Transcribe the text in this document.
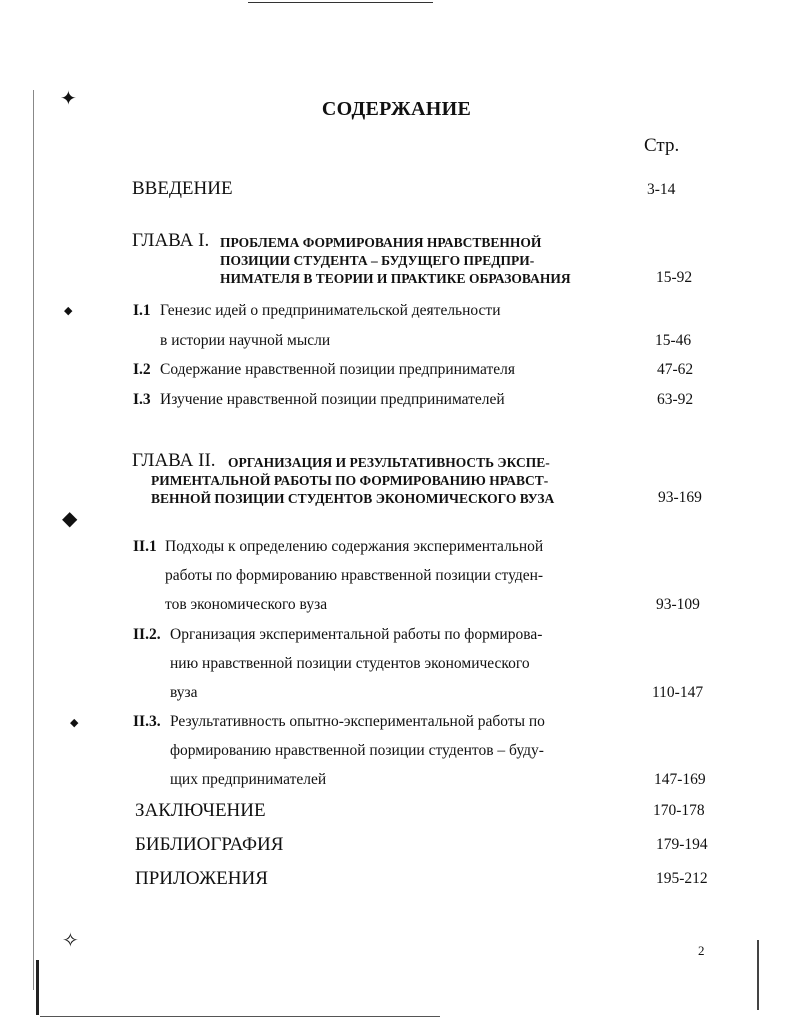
✦
◆
◆
◆
✧
СОДЕРЖАНИЕ
Стр.
ВВЕДЕНИЕ	3-14
ГЛАВА I. ПРОБЛЕМА ФОРМИРОВАНИЯ НРАВСТВЕННОЙ
ПОЗИЦИИ СТУДЕНТА – БУДУЩЕГО ПРЕДПРИ-
НИМАТЕЛЯ В ТЕОРИИ И ПРАКТИКЕ ОБРАЗОВАНИЯ	15-92
I.1 Генезис идей о предпринимательской деятельности
в истории научной мысли	15-46
I.2 Содержание нравственной позиции предпринимателя	47-62
I.3 Изучение нравственной позиции предпринимателей	63-92
ГЛАВА II. ОРГАНИЗАЦИЯ И РЕЗУЛЬТАТИВНОСТЬ ЭКСПЕ-
РИМЕНТАЛЬНОЙ РАБОТЫ ПО ФОРМИРОВАНИЮ НРАВСТ-
ВЕННОЙ ПОЗИЦИИ СТУДЕНТОВ ЭКОНОМИЧЕСКОГО ВУЗА	93-169
II.1 Подходы к определению содержания экспериментальной
работы по формированию нравственной позиции студен-
тов экономического вуза	93-109
II.2. Организация экспериментальной работы по формирова-
нию нравственной позиции студентов экономического
вуза	110-147
II.3. Результативность опытно-экспериментальной работы по
формированию нравственной позиции студентов – буду-
щих предпринимателей	147-169
ЗАКЛЮЧЕНИЕ	170-178
БИБЛИОГРАФИЯ	179-194
ПРИЛОЖЕНИЯ	195-212
2
